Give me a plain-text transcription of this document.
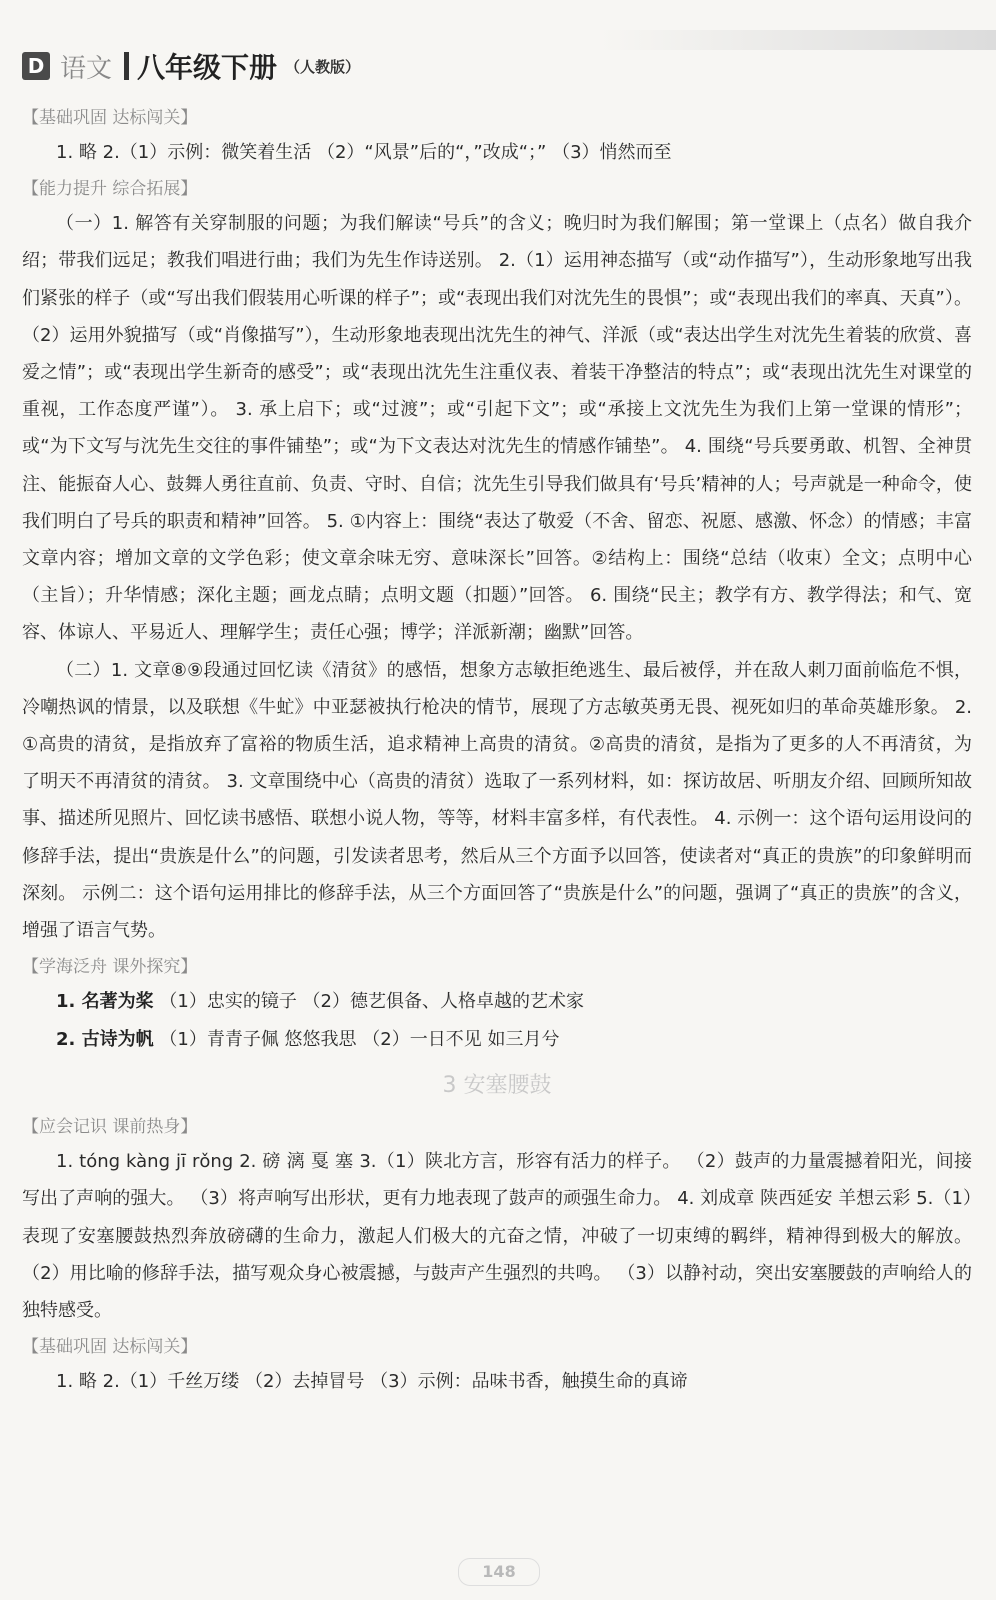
D 语文 八年级下册 （人教版）
【基础巩固 达标闯关】

1. 略 2.（1）示例：微笑着生活 （2）“风景”后的“，”改成“；” （3）悄然而至

【能力提升 综合拓展】

（一）1. 解答有关穿制服的问题；为我们解读“号兵”的含义；晚归时为我们解围；第一堂课上（点名）做自我介绍；带我们远足；教我们唱进行曲；我们为先生作诗送别。 2.（1）运用神态描写（或“动作描写”），生动形象地写出我们紧张的样子（或“写出我们假装用心听课的样子”；或“表现出我们对沈先生的畏惧”；或“表现出我们的率真、天真”）。（2）运用外貌描写（或“肖像描写”），生动形象地表现出沈先生的神气、洋派（或“表达出学生对沈先生着装的欣赏、喜爱之情”；或“表现出学生新奇的感受”；或“表现出沈先生注重仪表、着装干净整洁的特点”；或“表现出沈先生对课堂的重视，工作态度严谨”）。 3. 承上启下；或“过渡”；或“引起下文”；或“承接上文沈先生为我们上第一堂课的情形”；或“为下文写与沈先生交往的事件铺垫”；或“为下文表达对沈先生的情感作铺垫”。 4. 围绕“号兵要勇敢、机智、全神贯注、能振奋人心、鼓舞人勇往直前、负责、守时、自信；沈先生引导我们做具有‘号兵’精神的人；号声就是一种命令，使我们明白了号兵的职责和精神”回答。 5. ①内容上：围绕“表达了敬爱（不舍、留恋、祝愿、感激、怀念）的情感；丰富文章内容；增加文章的文学色彩；使文章余味无穷、意味深长”回答。②结构上：围绕“总结（收束）全文；点明中心（主旨）；升华情感；深化主题；画龙点睛；点明文题（扣题）”回答。 6. 围绕“民主；教学有方、教学得法；和气、宽容、体谅人、平易近人、理解学生；责任心强；博学；洋派新潮；幽默”回答。

（二）1. 文章⑧⑨段通过回忆读《清贫》的感悟，想象方志敏拒绝逃生、最后被俘，并在敌人刺刀面前临危不惧，冷嘲热讽的情景，以及联想《牛虻》中亚瑟被执行枪决的情节，展现了方志敏英勇无畏、视死如归的革命英雄形象。 2. ①高贵的清贫，是指放弃了富裕的物质生活，追求精神上高贵的清贫。②高贵的清贫，是指为了更多的人不再清贫，为了明天不再清贫的清贫。 3. 文章围绕中心（高贵的清贫）选取了一系列材料，如：探访故居、听朋友介绍、回顾所知故事、描述所见照片、回忆读书感悟、联想小说人物，等等，材料丰富多样，有代表性。 4. 示例一：这个语句运用设问的修辞手法，提出“贵族是什么”的问题，引发读者思考，然后从三个方面予以回答，使读者对“真正的贵族”的印象鲜明而深刻。 示例二：这个语句运用排比的修辞手法，从三个方面回答了“贵族是什么”的问题，强调了“真正的贵族”的含义，增强了语言气势。

【学海泛舟 课外探究】
1. 名著为桨 （1）忠实的镜子 （2）德艺俱备、人格卓越的艺术家
2. 古诗为帆 （1）青青子佩 悠悠我思 （2）一日不见 如三月兮
3 安塞腰鼓
【应会记识 课前热身】

1. tóng kàng jī rǒng 2. 磅 漓 戛 塞 3.（1）陕北方言，形容有活力的样子。 （2）鼓声的力量震撼着阳光，间接写出了声响的强大。 （3）将声响写出形状，更有力地表现了鼓声的顽强生命力。 4. 刘成章 陕西延安 羊想云彩 5.（1）表现了安塞腰鼓热烈奔放磅礴的生命力，激起人们极大的亢奋之情，冲破了一切束缚的羁绊，精神得到极大的解放。 （2）用比喻的修辞手法，描写观众身心被震撼，与鼓声产生强烈的共鸣。 （3）以静衬动，突出安塞腰鼓的声响给人的独特感受。

【基础巩固 达标闯关】

1. 略 2.（1）千丝万缕 （2）去掉冒号 （3）示例：品味书香，触摸生命的真谛

148
